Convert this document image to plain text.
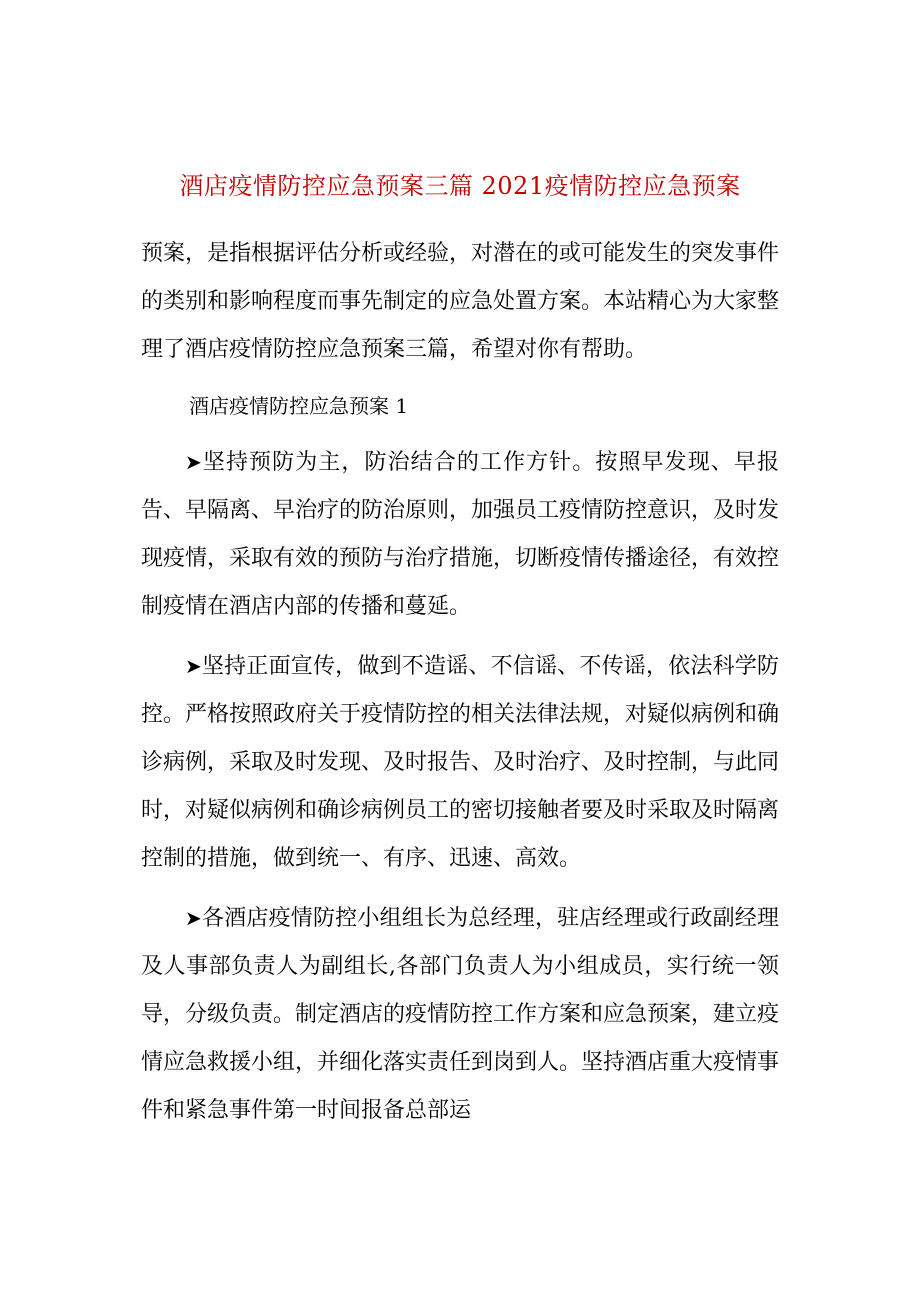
酒店疫情防控应急预案三篇 2021疫情防控应急预案

预案，是指根据评估分析或经验，对潜在的或可能发生的突发事件的类别和影响程度而事先制定的应急处置方案。本站精心为大家整理了酒店疫情防控应急预案三篇，希望对你有帮助。

酒店疫情防控应急预案 1

➤坚持预防为主，防治结合的工作方针。按照早发现、早报告、早隔离、早治疗的防治原则，加强员工疫情防控意识，及时发现疫情，采取有效的预防与治疗措施，切断疫情传播途径，有效控制疫情在酒店内部的传播和蔓延。

➤坚持正面宣传，做到不造谣、不信谣、不传谣，依法科学防控。严格按照政府关于疫情防控的相关法律法规，对疑似病例和确诊病例，采取及时发现、及时报告、及时治疗、及时控制，与此同时，对疑似病例和确诊病例员工的密切接触者要及时采取及时隔离控制的措施，做到统一、有序、迅速、高效。

➤各酒店疫情防控小组组长为总经理，驻店经理或行政副经理及人事部负责人为副组长,各部门负责人为小组成员，实行统一领导，分级负责。制定酒店的疫情防控工作方案和应急预案，建立疫情应急救援小组，并细化落实责任到岗到人。坚持酒店重大疫情事件和紧急事件第一时间报备总部运
